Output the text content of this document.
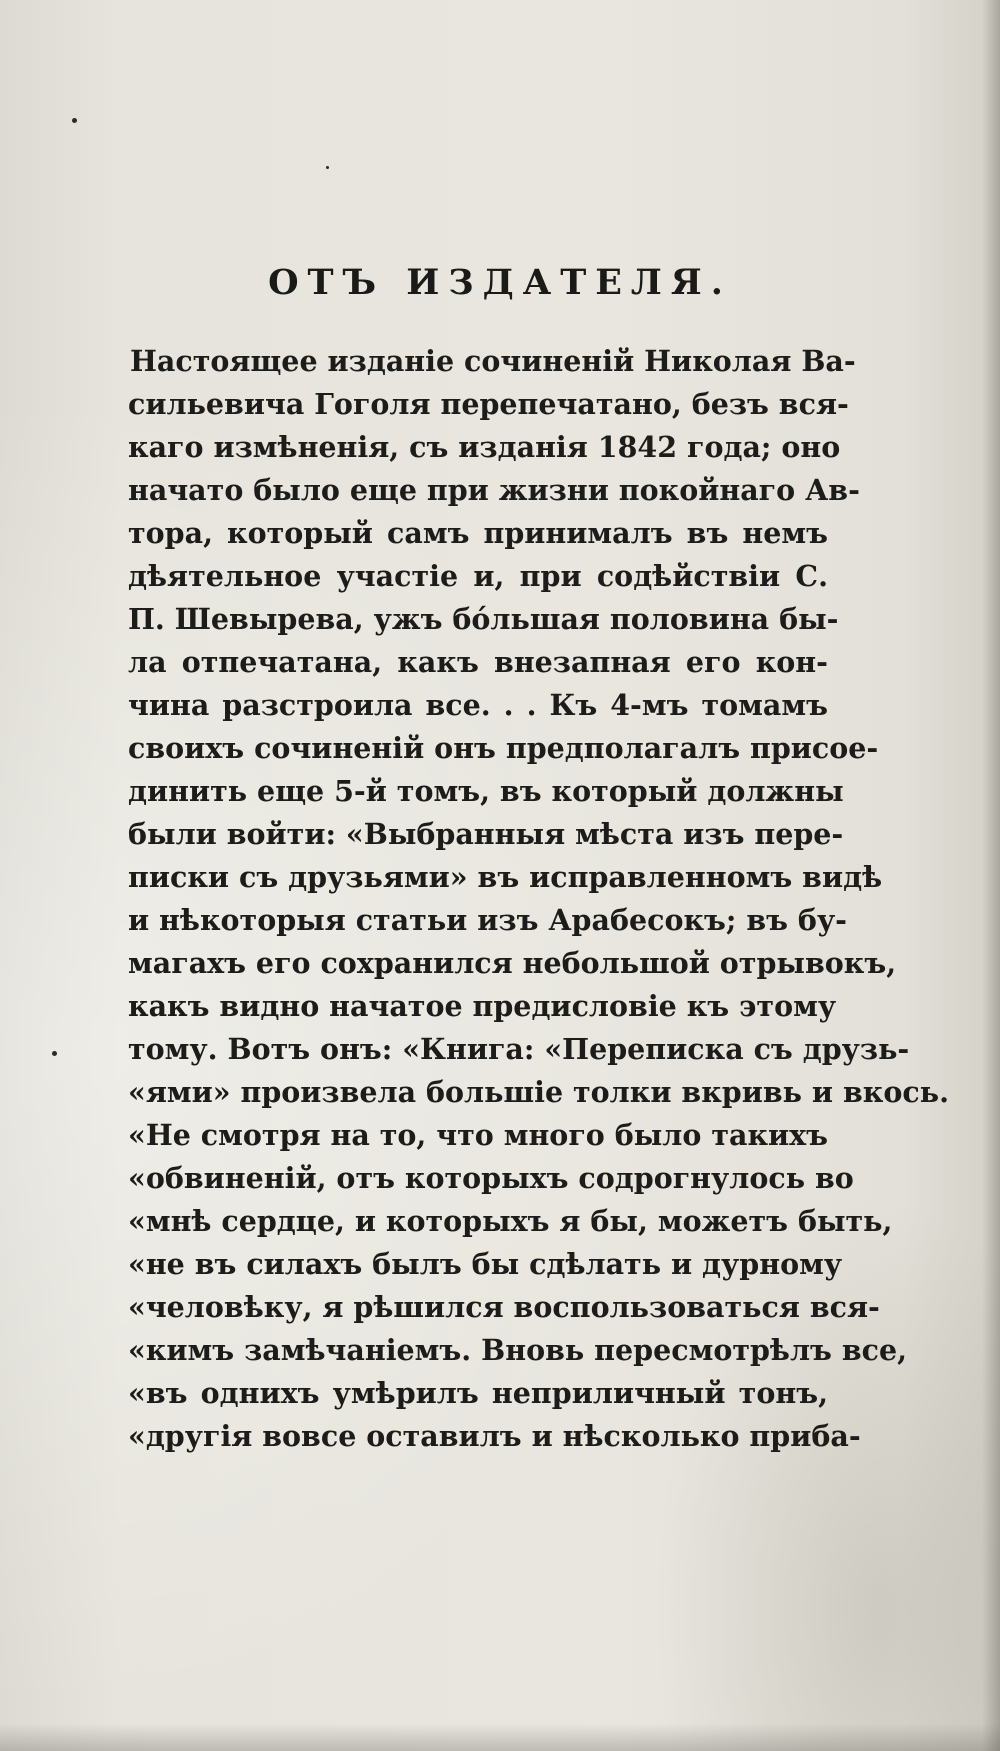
ОТЪ ИЗДАТЕЛЯ.
Настоящее изданіе сочиненій Николая Ва-
сильевича Гоголя перепечатано, безъ вся-
каго измѣненія, съ изданія 1842 года; оно
начато было еще при жизни покойнаго Ав-
тора, который самъ принималъ въ немъ
дѣятельное участіе и, при содѣйствіи С.
П. Шевырева, ужъ бо́льшая половина бы-
ла отпечатана, какъ внезапная его кон-
чина разстроила все. . . Къ 4-мъ томамъ
своихъ сочиненій онъ предполагалъ присое-
динить еще 5-й томъ, въ который должны
были войти: «Выбранныя мѣста изъ пере-
писки съ друзьями» въ исправленномъ видѣ
и нѣкоторыя статьи изъ Арабесокъ; въ бу-
магахъ его сохранился небольшой отрывокъ,
какъ видно начатое предисловіе къ этому
тому. Вотъ онъ: «Книга: «Переписка съ друзь-
«ями» произвела большіе толки вкривь и вкось.
«Не смотря на то, что много было такихъ
«обвиненій, отъ которыхъ содрогнулось во
«мнѣ сердце, и которыхъ я бы, можетъ быть,
«не въ силахъ былъ бы сдѣлать и дурному
«человѣку, я рѣшился воспользоваться вся-
«кимъ замѣчаніемъ. Вновь пересмотрѣлъ все,
«въ однихъ умѣрилъ неприличный тонъ,
«другія вовсе оставилъ и нѣсколько приба-
